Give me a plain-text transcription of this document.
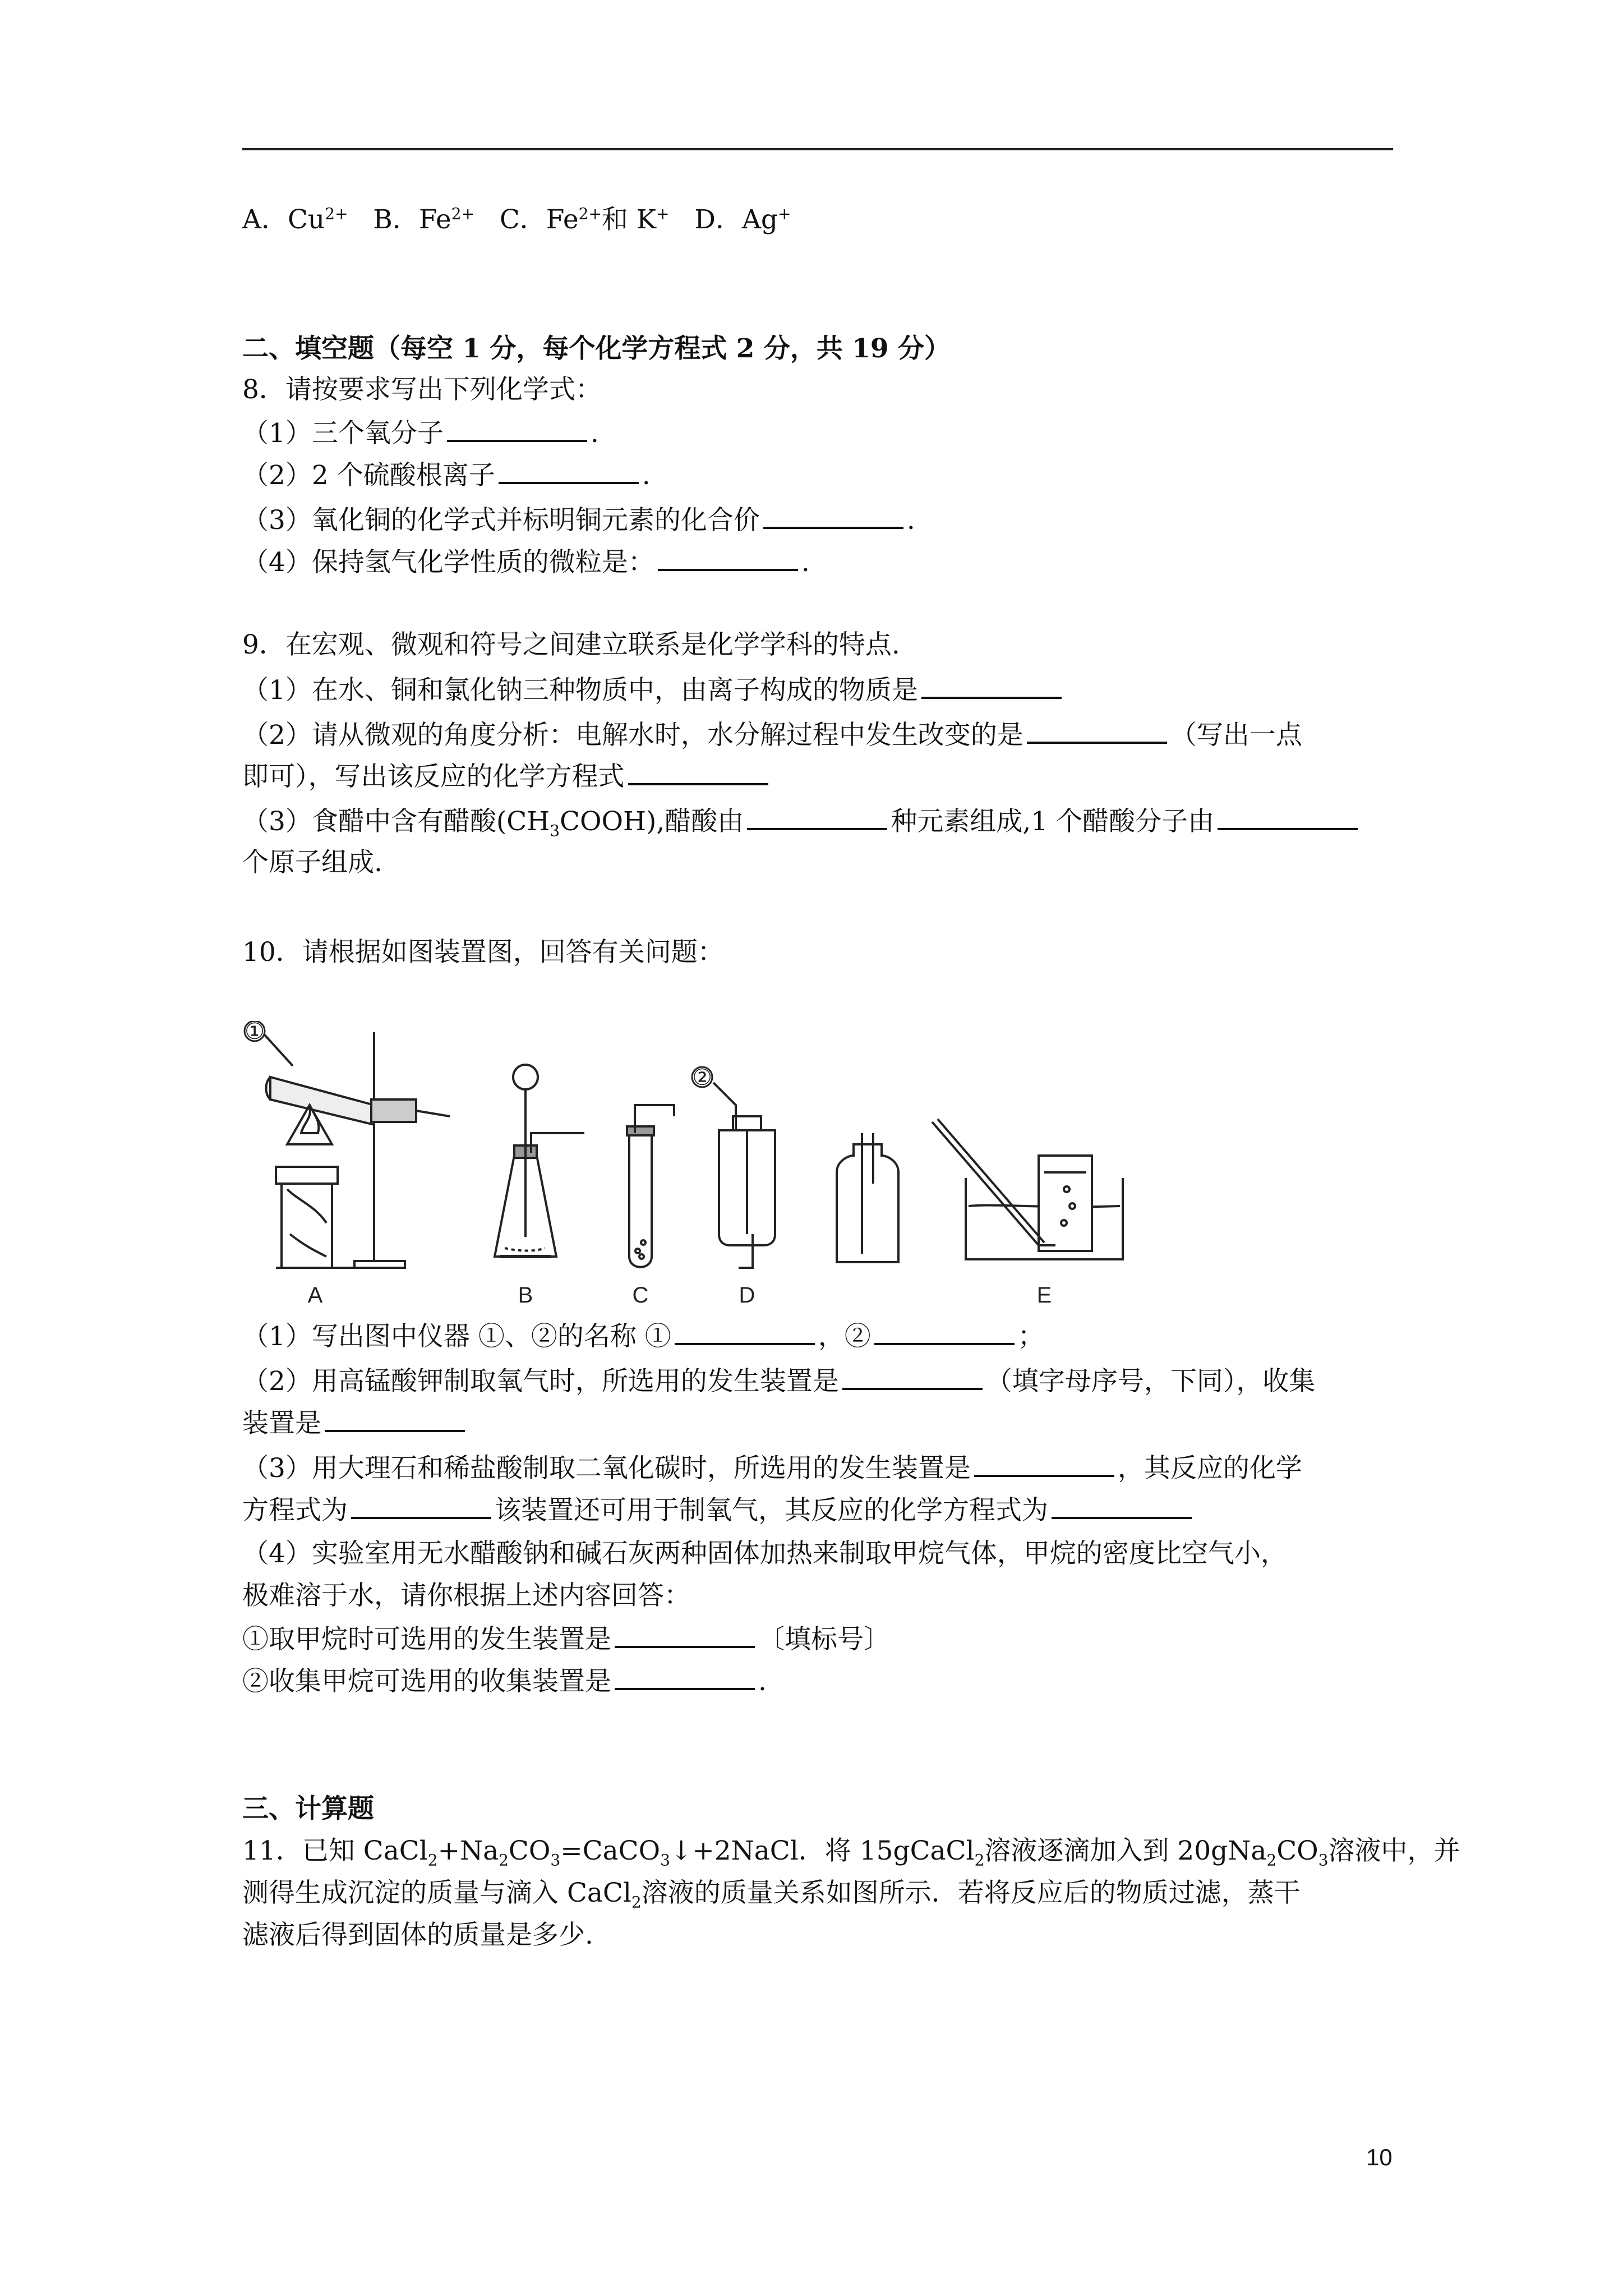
A．$Cu^{2+}$ B．$Fe^{2+}$ C．$Fe^{2+}$和 K+ D．Ag+
二、填空题（每空 1 分，每个化学方程式 2 分，共 19 分）
8．请按要求写出下列化学式：
（1）三个氧分子	.
（2）2 个硫酸根离子	.
（3）氧化铜的化学式并标明铜元素的化合价	.
（4）保持氢气化学性质的微粒是：	.
9．在宏观、微观和符号之间建立联系是化学学科的特点.
（1）在水、铜和氯化钠三种物质中，由离子构成的物质是
（2）请从微观的角度分析：电解水时，水分解过程中发生改变的是	（写出一点
即可），写出该反应的化学方程式
（3）食醋中含有醋酸$(CH_3COOH)$,醋酸由	种元素组成,1 个醋酸分子由
个原子组成.
10．请根据如图装置图，回答有关问题：
①
②
A	B	C	D	E
（1）写出图中仪器 ①、②的名称 ①	，②	；
（2）用高锰酸钾制取氧气时，所选用的发生装置是	（填字母序号，下同），收集
装置是
（3）用大理石和稀盐酸制取二氧化碳时，所选用的发生装置是	，其反应的化学
方程式为	该装置还可用于制氧气，其反应的化学方程式为
（4）实验室用无水醋酸钠和碱石灰两种固体加热来制取甲烷气体，甲烷的密度比空气小，
极难溶于水，请你根据上述内容回答：
①取甲烷时可选用的发生装置是	〔填标号〕
②收集甲烷可选用的收集装置是	.
三、计算题
11．已知 $CaCl_2+Na_2CO_3=CaCO_3↓+2NaCl$．将 15gCaCl$_2$溶液逐滴加入到 $20gNa_2CO_3$溶液中，并
测得生成沉淀的质量与滴入 CaCl$_2$溶液的质量关系如图所示．若将反应后的物质过滤，蒸干
滤液后得到固体的质量是多少.
10
